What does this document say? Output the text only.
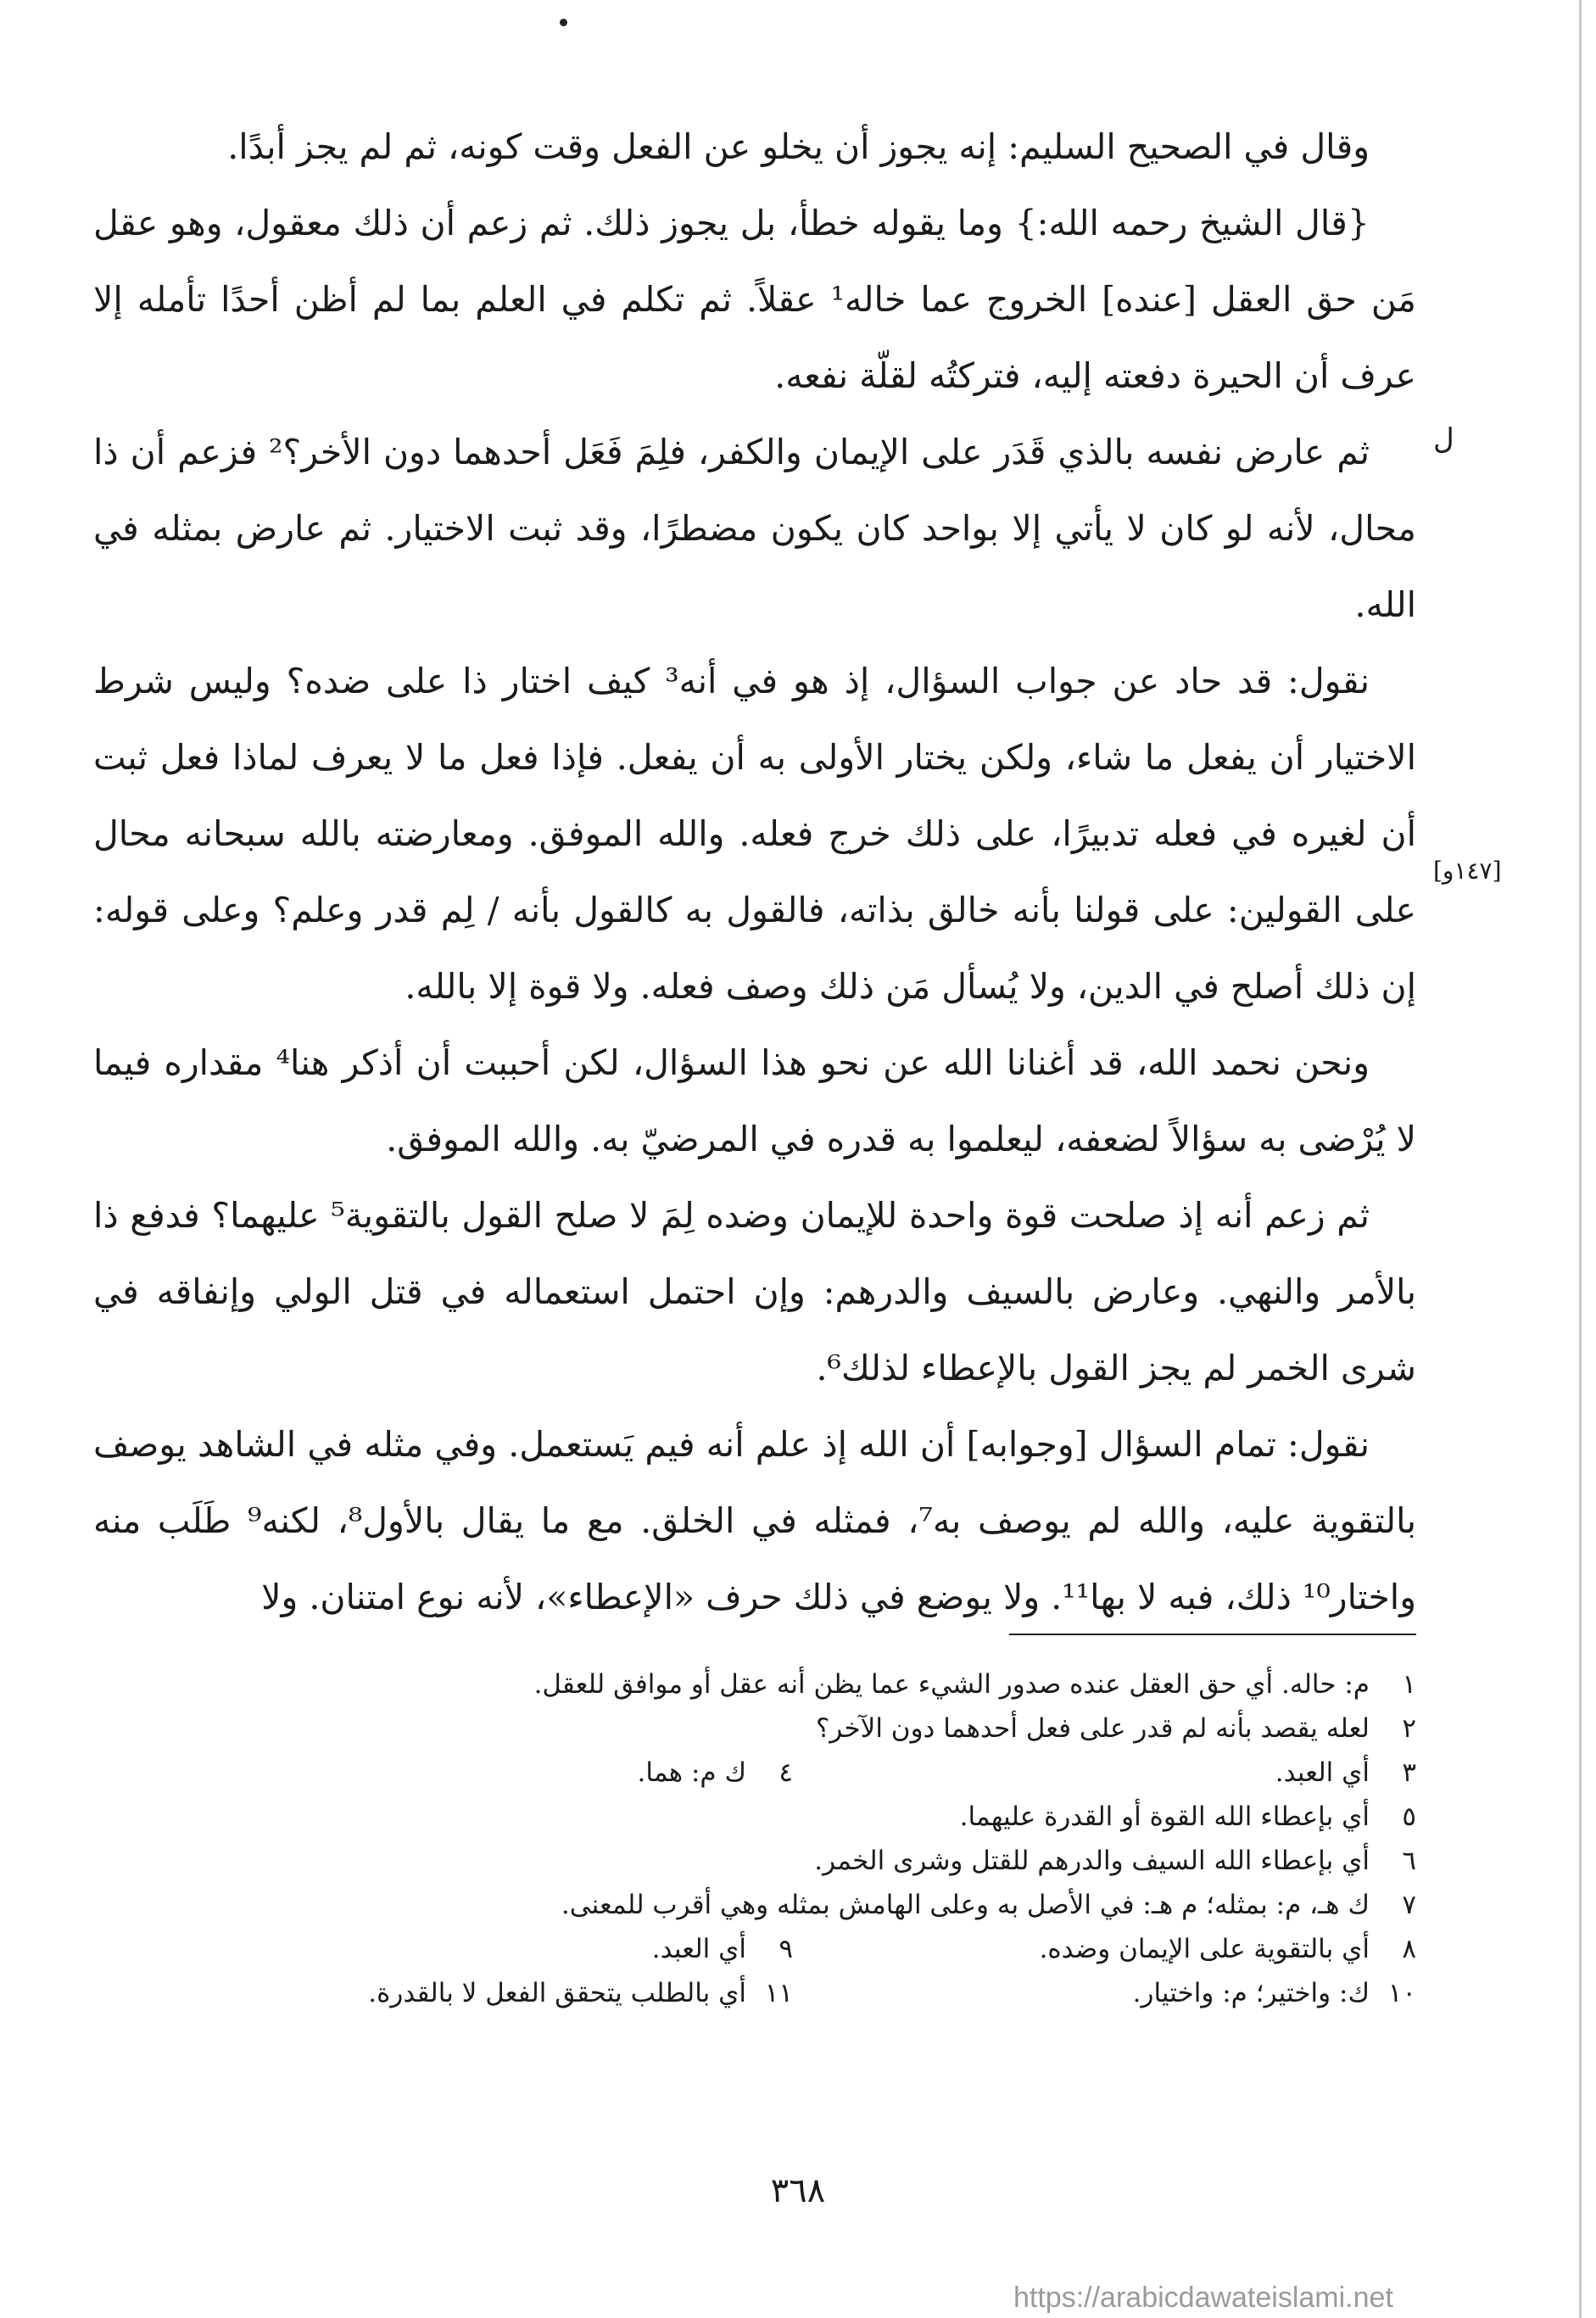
ل
[١٤٧و]

وقال في الصحيح السليم: إنه يجوز أن يخلو عن الفعل وقت كونه، ثم لم يجز أبدًا.

{قال الشيخ رحمه الله:} وما يقوله خطأ، بل يجوز ذلك. ثم زعم أن ذلك معقول، وهو عقل مَن حق العقل [عنده] الخروج عما خاله¹ عقلاً. ثم تكلم في العلم بما لم أظن أحدًا تأمله إلا عرف أن الحيرة دفعته إليه، فتركتُه لقلّة نفعه.

ثم عارض نفسه بالذي قَدَر على الإيمان والكفر، فلِمَ فَعَل أحدهما دون الأخر؟² فزعم أن ذا محال، لأنه لو كان لا يأتي إلا بواحد كان يكون مضطرًا، وقد ثبت الاختيار. ثم عارض بمثله في الله.

نقول: قد حاد عن جواب السؤال، إذ هو في أنه³ كيف اختار ذا على ضده؟ وليس شرط الاختيار أن يفعل ما شاء، ولكن يختار الأولى به أن يفعل. فإذا فعل ما لا يعرف لماذا فعل ثبت أن لغيره في فعله تدبيرًا، على ذلك خرج فعله. والله الموفق. ومعارضته بالله سبحانه محال على القولين: على قولنا بأنه خالق بذاته، فالقول به كالقول بأنه / لِم قدر وعلم؟ وعلى قوله: إن ذلك أصلح في الدين، ولا يُسأل مَن ذلك وصف فعله. ولا قوة إلا بالله.

ونحن نحمد الله، قد أغنانا الله عن نحو هذا السؤال، لكن أحببت أن أذكر هنا⁴ مقداره فيما لا يُرْضى به سؤالاً لضعفه، ليعلموا به قدره في المرضيّ به. والله الموفق.

ثم زعم أنه إذ صلحت قوة واحدة للإيمان وضده لِمَ لا صلح القول بالتقوية⁵ عليهما؟ فدفع ذا بالأمر والنهي. وعارض بالسيف والدرهم: وإن احتمل استعماله في قتل الولي وإنفاقه في شرى الخمر لم يجز القول بالإعطاء لذلك⁶.

نقول: تمام السؤال [وجوابه] أن الله إذ علم أنه فيم يَستعمل. وفي مثله في الشاهد يوصف بالتقوية عليه، والله لم يوصف به⁷، فمثله في الخلق. مع ما يقال بالأول⁸، لكنه⁹ طَلَب منه واختار¹⁰ ذلك، فبه لا بها¹¹. ولا يوضع في ذلك حرف «الإعطاء»، لأنه نوع امتنان. ولا

١
م: حاله. أي حق العقل عنده صدور الشيء عما يظن أنه عقل أو موافق للعقل.
٢
لعله يقصد بأنه لم قدر على فعل أحدهما دون الآخر؟
٣
أي العبد.
٤
ك م: هما.
٥
أي بإعطاء الله القوة أو القدرة عليهما.
٦
أي بإعطاء الله السيف والدرهم للقتل وشرى الخمر.
٧
ك هـ، م: بمثله؛ م هـ: في الأصل به وعلى الهامش بمثله وهي أقرب للمعنى.
٨
أي بالتقوية على الإيمان وضده.
٩
أي العبد.
١٠
ك: واختير؛ م: واختيار.
١١
أي بالطلب يتحقق الفعل لا بالقدرة.
٣٦٨
https://arabicdawateislami.net
